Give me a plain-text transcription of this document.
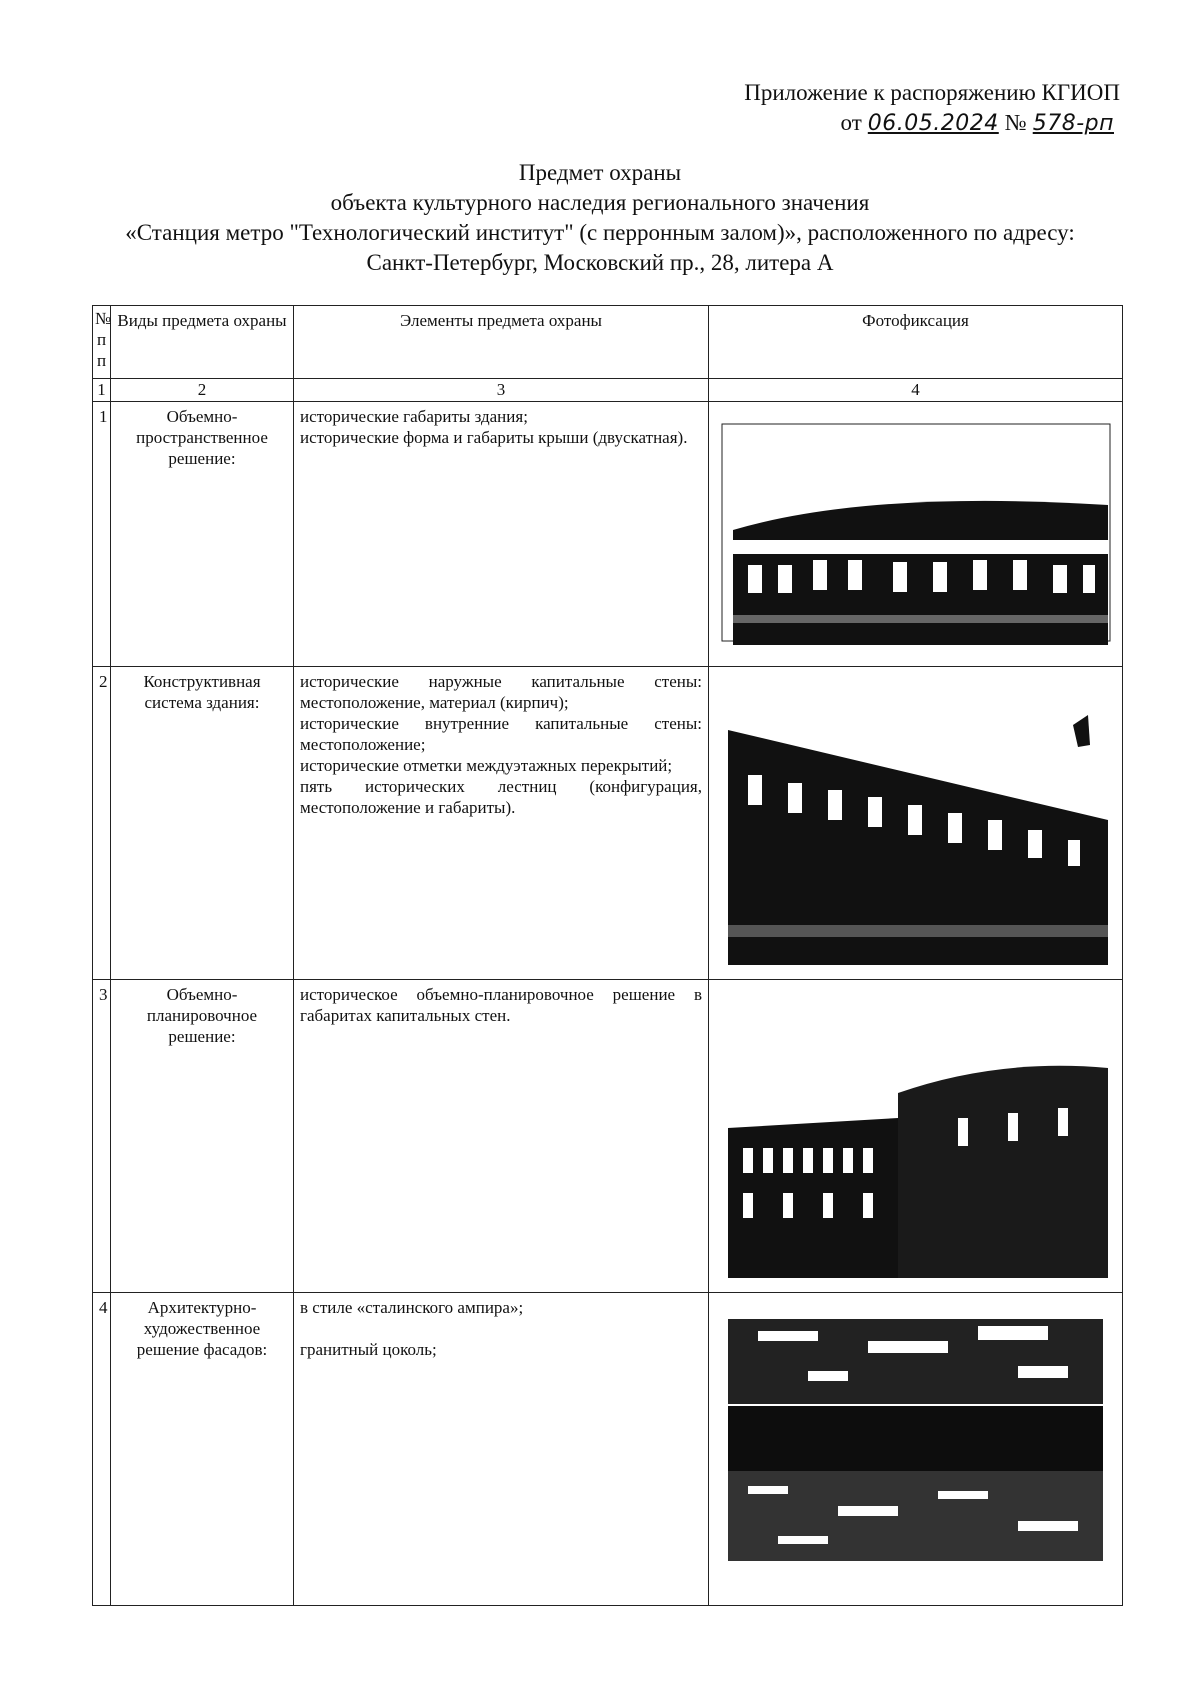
Приложение к распоряжению КГИОП
от 06.05.2024 № 578-рп
Предмет охраны
объекта культурного наследия регионального значения
«Станция метро "Технологический институт" (с перронным залом)», расположенного по адресу:
Санкт-Петербург, Московский пр., 28, литера А
№ п п	Виды предмета охраны	Элементы предмета охраны	Фотофиксация
1	2	3	4
1	Объемно-пространственное решение:	исторические габариты здания;
исторические форма и габариты крыши (двускатная).

2	Конструктивная система здания:	исторические наружные капитальные стены: местоположение, материал (кирпич);
исторические внутренние капитальные стены: местоположение;
исторические отметки междуэтажных перекрытий;
пять исторических лестниц (конфигурация, местоположение и габариты).

3	Объемно-планировочное решение:	историческое объемно-планировочное решение в габаритах капитальных стен.

4	Архитектурно-художественное решение фасадов:	в стиле «сталинского ампира»;
гранитный цоколь;
